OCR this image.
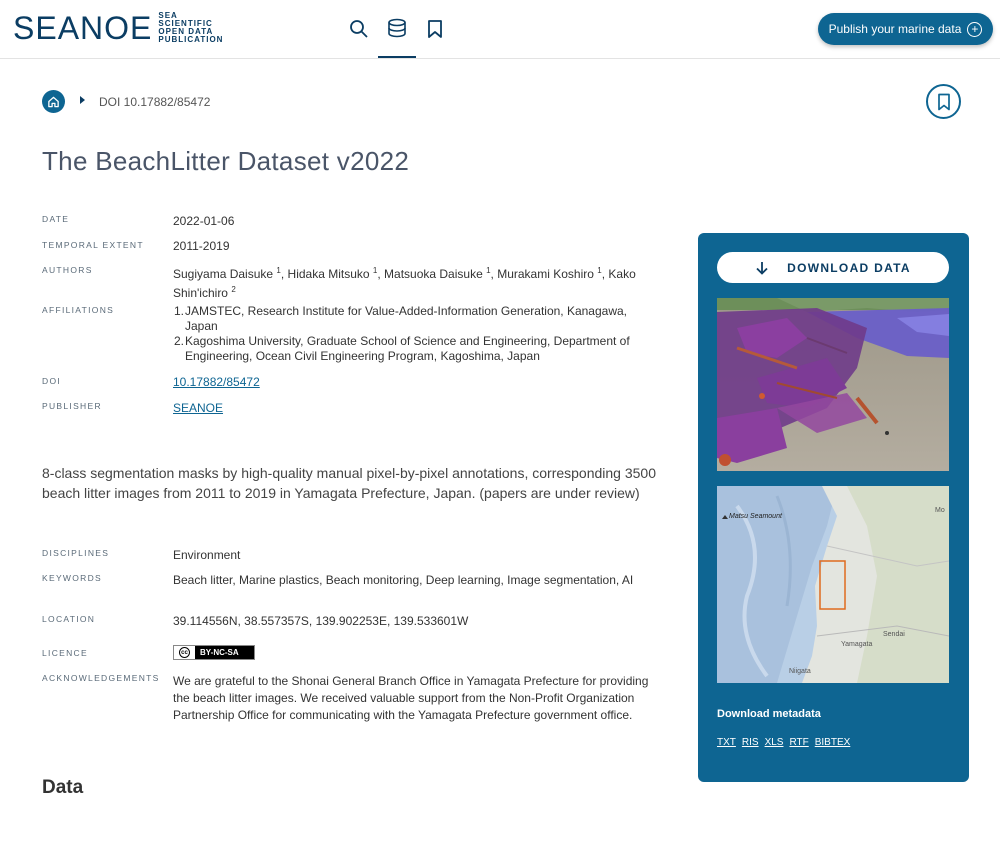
SEANOE SEA
SCIENTIFIC
OPEN DATA
PUBLICATION
Publish your marine data +
DOI 10.17882/85472
The BeachLitter Dataset v2022
DATE	2022-01-06
TEMPORAL EXTENT 2011-2019
AUTHORS	Sugiyama Daisuke $^1$, Hidaka Mitsuko $^1$, Matsuoka Daisuke $^1$, Murakami Koshiro $^1$, Kako
Shin'ichiro $^2$
AFFILIATIONS	1. JAMSTEC, Research Institute for Value-Added-Information Generation, Kanagawa, Japan
2. Kagoshima University, Graduate School of Science and Engineering, Department of Engineering, Ocean Civil Engineering Program, Kagoshima, Japan
DOI	10.17882/85472
PUBLISHER	SEANOE

8-class segmentation masks by high-quality manual pixel-by-pixel annotations, corresponding 3500 beach litter images from 2011 to 2019 in Yamagata Prefecture, Japan. (papers are under review)

DISCIPLINES	Environment
KEYWORDS	Beach litter, Marine plastics, Beach monitoring, Deep learning, Image segmentation, AI
LOCATION	39.114556N, 38.557357S, 139.902253E, 139.533601W
LICENCE	cc	BY-NC-SA
ACKNOWLEDGEMENTS We are grateful to the Shonai General Branch Office in Yamagata Prefecture for providing the beach litter images. We received valuable support from the Non-Profit Organization Partnership Office for communicating with the Yamagata Prefecture government office.
Data
DOWNLOAD DATA
Matsu Seamount
Sendai
Yamagata
Niigata
Mo
Download metadata
TXT RIS XLS RTF BIBTEX
